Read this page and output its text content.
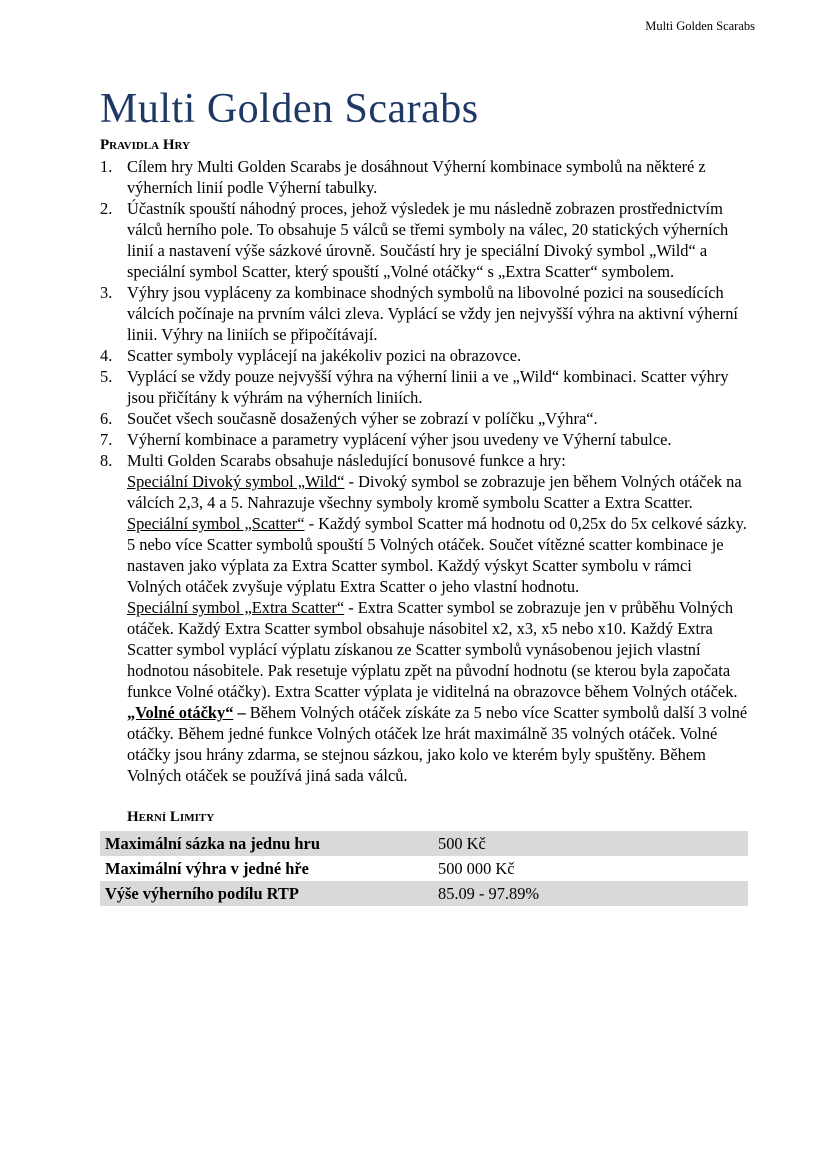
Multi Golden Scarabs
Multi Golden Scarabs
Pravidla Hry
1. Cílem hry Multi Golden Scarabs je dosáhnout Výherní kombinace symbolů na některé z výherních linií podle Výherní tabulky.
2. Účastník spouští náhodný proces, jehož výsledek je mu následně zobrazen prostřednictvím válců herního pole. To obsahuje 5 válců se třemi symboly na válec, 20 statických výherních linií a nastavení výše sázkové úrovně. Součástí hry je speciální Divoký symbol „Wild“ a speciální symbol Scatter, který spouští „Volné otáčky“ s „Extra Scatter“ symbolem.
3. Výhry jsou vypláceny za kombinace shodných symbolů na libovolné pozici na sousedících válcích počínaje na prvním válci zleva. Vyplácí se vždy jen nejvyšší výhra na aktivní výherní linii. Výhry na liniích se připočítávají.
4. Scatter symboly vyplácejí na jakékoliv pozici na obrazovce.
5. Vyplácí se vždy pouze nejvyšší výhra na výherní linii a ve „Wild“ kombinaci. Scatter výhry jsou přičítány k výhrám na výherních liniích.
6. Součet všech současně dosažených výher se zobrazí v políčku „Výhra“.
7. Výherní kombinace a parametry vyplácení výher jsou uvedeny ve Výherní tabulce.
8. Multi Golden Scarabs obsahuje následující bonusové funkce a hry:
Speciální Divoký symbol „Wild“ - Divoký symbol se zobrazuje jen během Volných otáček na válcích 2,3, 4 a 5. Nahrazuje všechny symboly kromě symbolu Scatter a Extra Scatter.
Speciální symbol „Scatter“ - Každý symbol Scatter má hodnotu od 0,25x do 5x celkové sázky. 5 nebo více Scatter symbolů spouští 5 Volných otáček. Součet vítězné scatter kombinace je nastaven jako výplata za Extra Scatter symbol. Každý výskyt Scatter symbolu v rámci Volných otáček zvyšuje výplatu Extra Scatter o jeho vlastní hodnotu.
Speciální symbol „Extra Scatter“ - Extra Scatter symbol se zobrazuje jen v průběhu Volných otáček. Každý Extra Scatter symbol obsahuje násobitel x2, x3, x5 nebo x10. Každý Extra Scatter symbol vyplácí výplatu získanou ze Scatter symbolů vynásobenou jejich vlastní hodnotou násobitele. Pak resetuje výplatu zpět na původní hodnotu (se kterou byla započata funkce Volné otáčky). Extra Scatter výplata je viditelná na obrazovce během Volných otáček.
„Volné otáčky“ – Během Volných otáček získáte za 5 nebo více Scatter symbolů další 3 volné otáčky. Během jedné funkce Volných otáček lze hrát maximálně 35 volných otáček. Volné otáčky jsou hrány zdarma, se stejnou sázkou, jako kolo ve kterém byly spuštěny. Během Volných otáček se používá jiná sada válců.
Herní Limity
Maximální sázka na jednu hru	500 Kč
Maximální výhra v jedné hře	500 000 Kč
Výše výherního podílu RTP	85.09 - 97.89%
